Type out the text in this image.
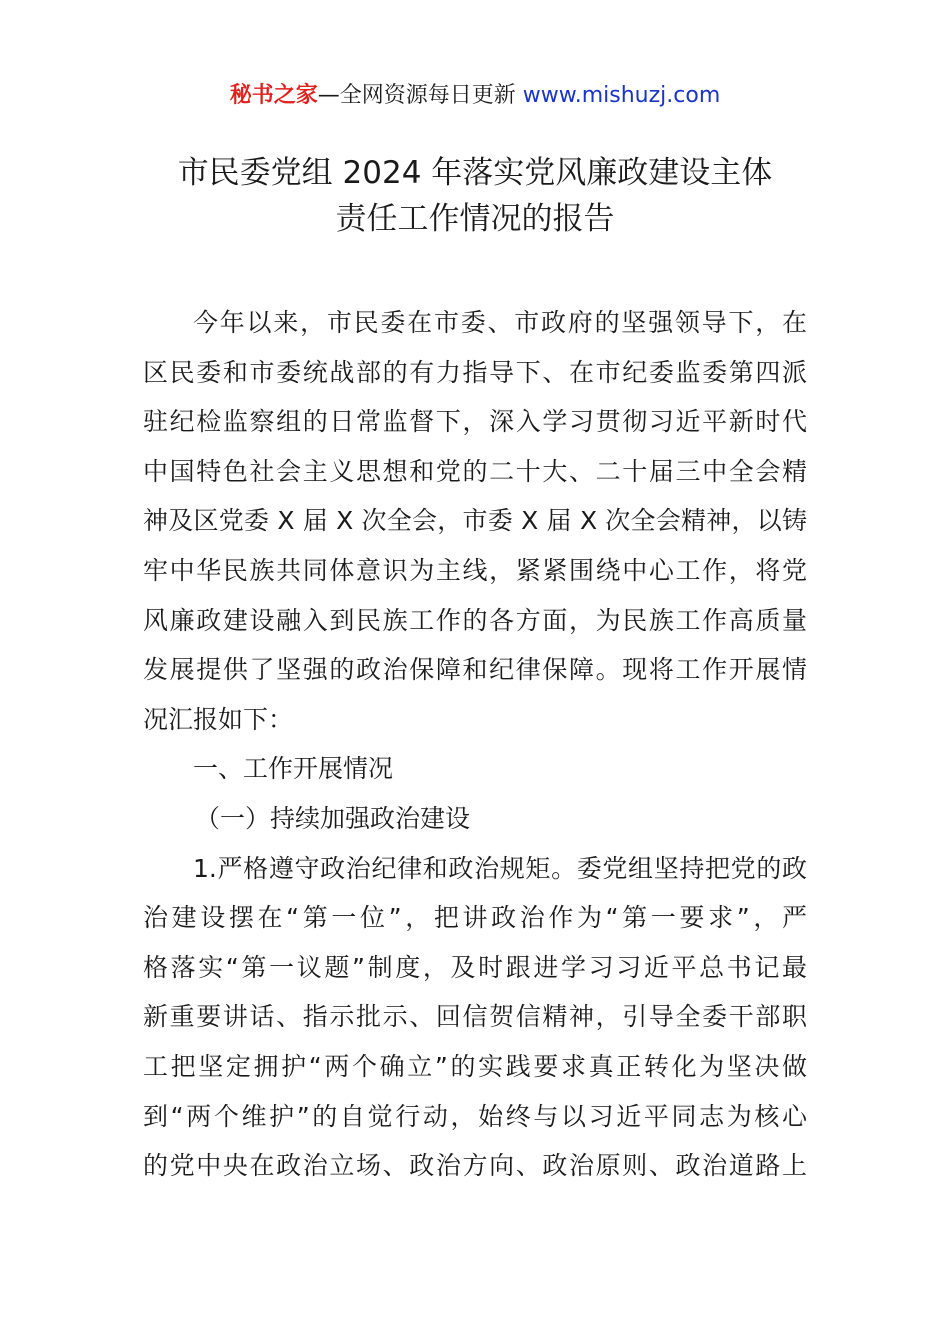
秘书之家—全网资源每日更新 www.mishuzj.com
市民委党组 2024 年落实党风廉政建设主体
责任工作情况的报告
今年以来，市民委在市委、市政府的坚强领导下，在
区民委和市委统战部的有力指导下、在市纪委监委第四派
驻纪检监察组的日常监督下，深入学习贯彻习近平新时代
中国特色社会主义思想和党的二十大、二十届三中全会精
神及区党委 X 届 X 次全会，市委 X 届 X 次全会精神，以铸
牢中华民族共同体意识为主线，紧紧围绕中心工作，将党
风廉政建设融入到民族工作的各方面，为民族工作高质量
发展提供了坚强的政治保障和纪律保障。现将工作开展情
况汇报如下：
一、工作开展情况
（一）持续加强政治建设
1.严格遵守政治纪律和政治规矩。委党组坚持把党的政
治建设摆在“第一位”，把讲政治作为“第一要求”，严
格落实“第一议题”制度，及时跟进学习习近平总书记最
新重要讲话、指示批示、回信贺信精神，引导全委干部职
工把坚定拥护“两个确立”的实践要求真正转化为坚决做
到“两个维护”的自觉行动，始终与以习近平同志为核心
的党中央在政治立场、政治方向、政治原则、政治道路上
